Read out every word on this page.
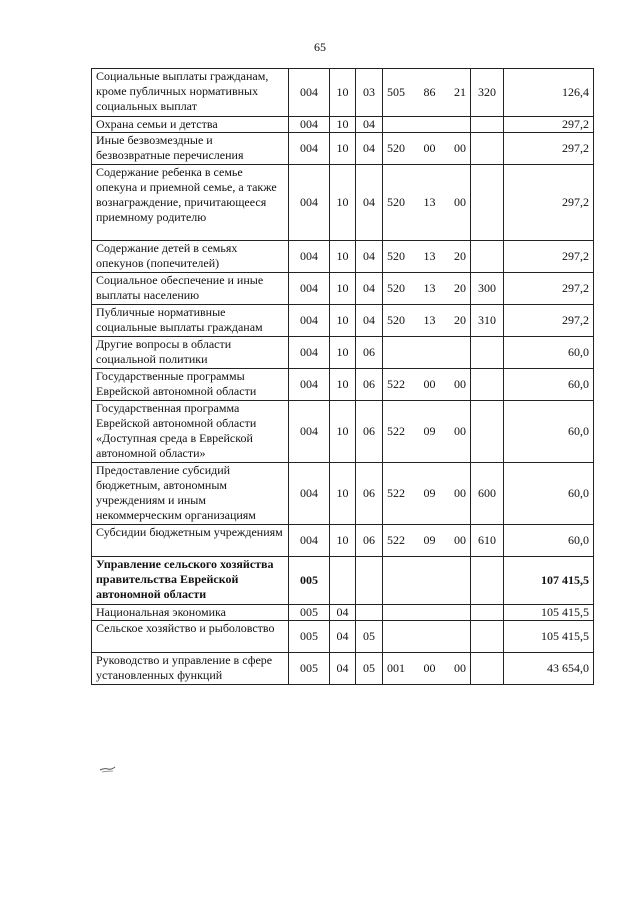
65
Социальные выплаты гражданам, кроме публичных нормативных социальных выплат	004	10	03	505 86 21	320	126,4
Охрана семьи и детства	004	10	04			297,2
Иные безвозмездные и безвозвратные перечисления	004	10	04	520 00 00		297,2
Содержание ребенка в семье опекуна и приемной семье, а также вознаграждение, причитающееся приемному родителю	004	10	04	520 13 00		297,2
Содержание детей в семьях опекунов (попечителей)	004	10	04	520 13 20		297,2
Социальное обеспечение и иные выплаты населению	004	10	04	520 13 20	300	297,2
Публичные нормативные социальные выплаты гражданам	004	10	04	520 13 20	310	297,2
Другие вопросы в области социальной политики	004	10	06			60,0
Государственные программы Еврейской автономной области	004	10	06	522 00 00		60,0
Государственная программа Еврейской автономной области «Доступная среда в Еврейской автономной области»	004	10	06	522 09 00		60,0
Предоставление субсидий бюджетным, автономным учреждениям и иным некоммерческим организациям	004	10	06	522 09 00	600	60,0
Субсидии бюджетным учреждениям	004	10	06	522 09 00	610	60,0
Управление сельского хозяйства правительства Еврейской автономной области	005					107 415,5
Национальная экономика	005	04				105 415,5
Сельское хозяйство и рыболовство	005	04	05			105 415,5
Руководство и управление в сфере установленных функций	005	04	05	001 00 00		43 654,0
